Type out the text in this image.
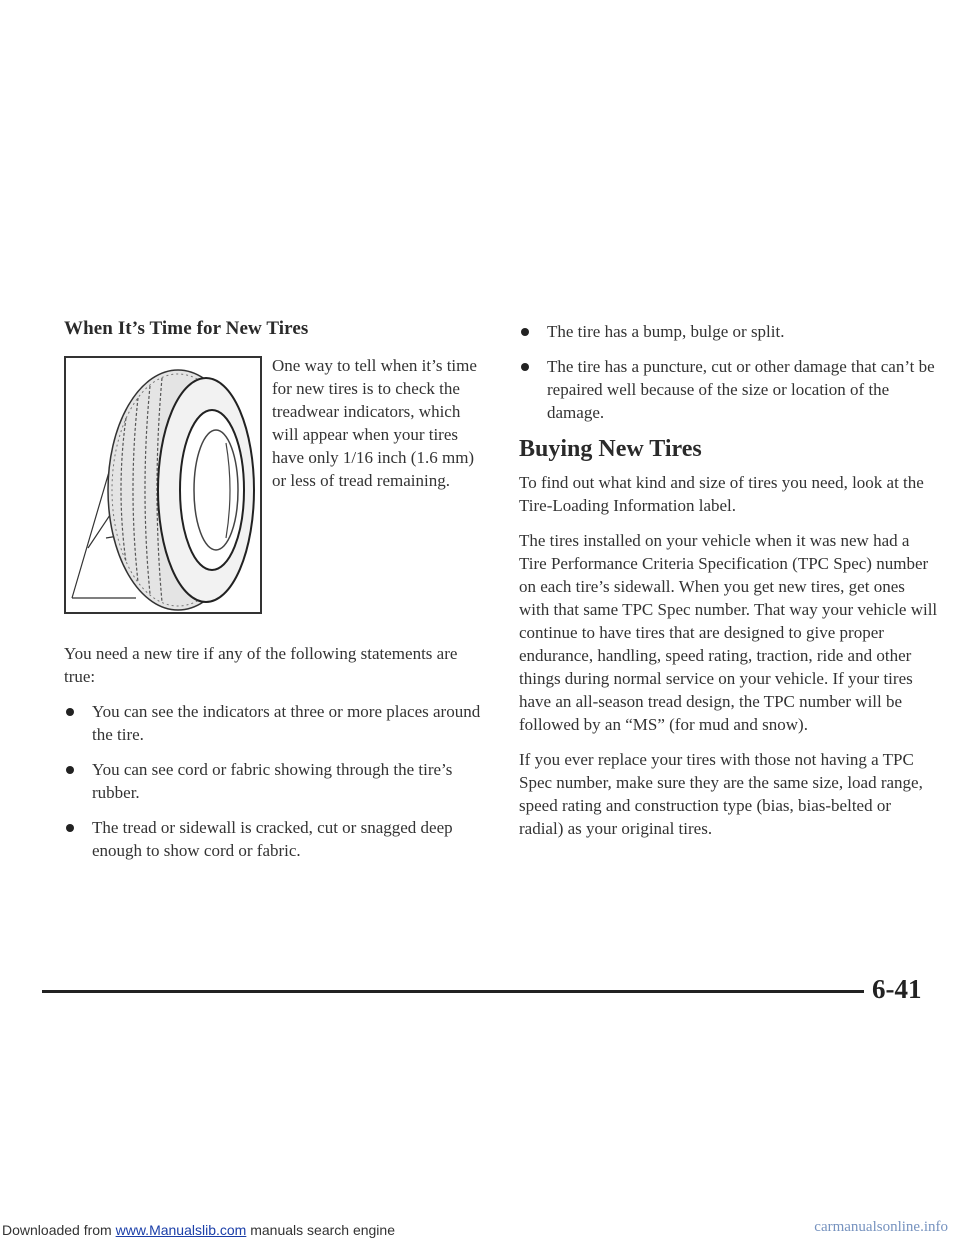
When It’s Time for New Tires

One way to tell when it’s time for new tires is to check the treadwear indicators, which will appear when your tires have only 1/16 inch (1.6 mm) or less of tread remaining.

You need a new tire if any of the following statements are true:

You can see the indicators at three or more places around the tire.
You can see cord or fabric showing through the tire’s rubber.
The tread or sidewall is cracked, cut or snagged deep enough to show cord or fabric.
The tire has a bump, bulge or split.
The tire has a puncture, cut or other damage that can’t be repaired well because of the size or location of the damage.
Buying New Tires

To find out what kind and size of tires you need, look at the Tire-Loading Information label.

The tires installed on your vehicle when it was new had a Tire Performance Criteria Specification (TPC Spec) number on each tire’s sidewall. When you get new tires, get ones with that same TPC Spec number. That way your vehicle will continue to have tires that are designed to give proper endurance, handling, speed rating, traction, ride and other things during normal service on your vehicle. If your tires have an all-season tread design, the TPC number will be followed by an “MS” (for mud and snow).

If you ever replace your tires with those not having a TPC Spec number, make sure they are the same size, load range, speed rating and construction type (bias, bias-belted or radial) as your original tires.

6-41
Downloaded from www.Manualslib.com manuals search engine	carmanualsonline.info
